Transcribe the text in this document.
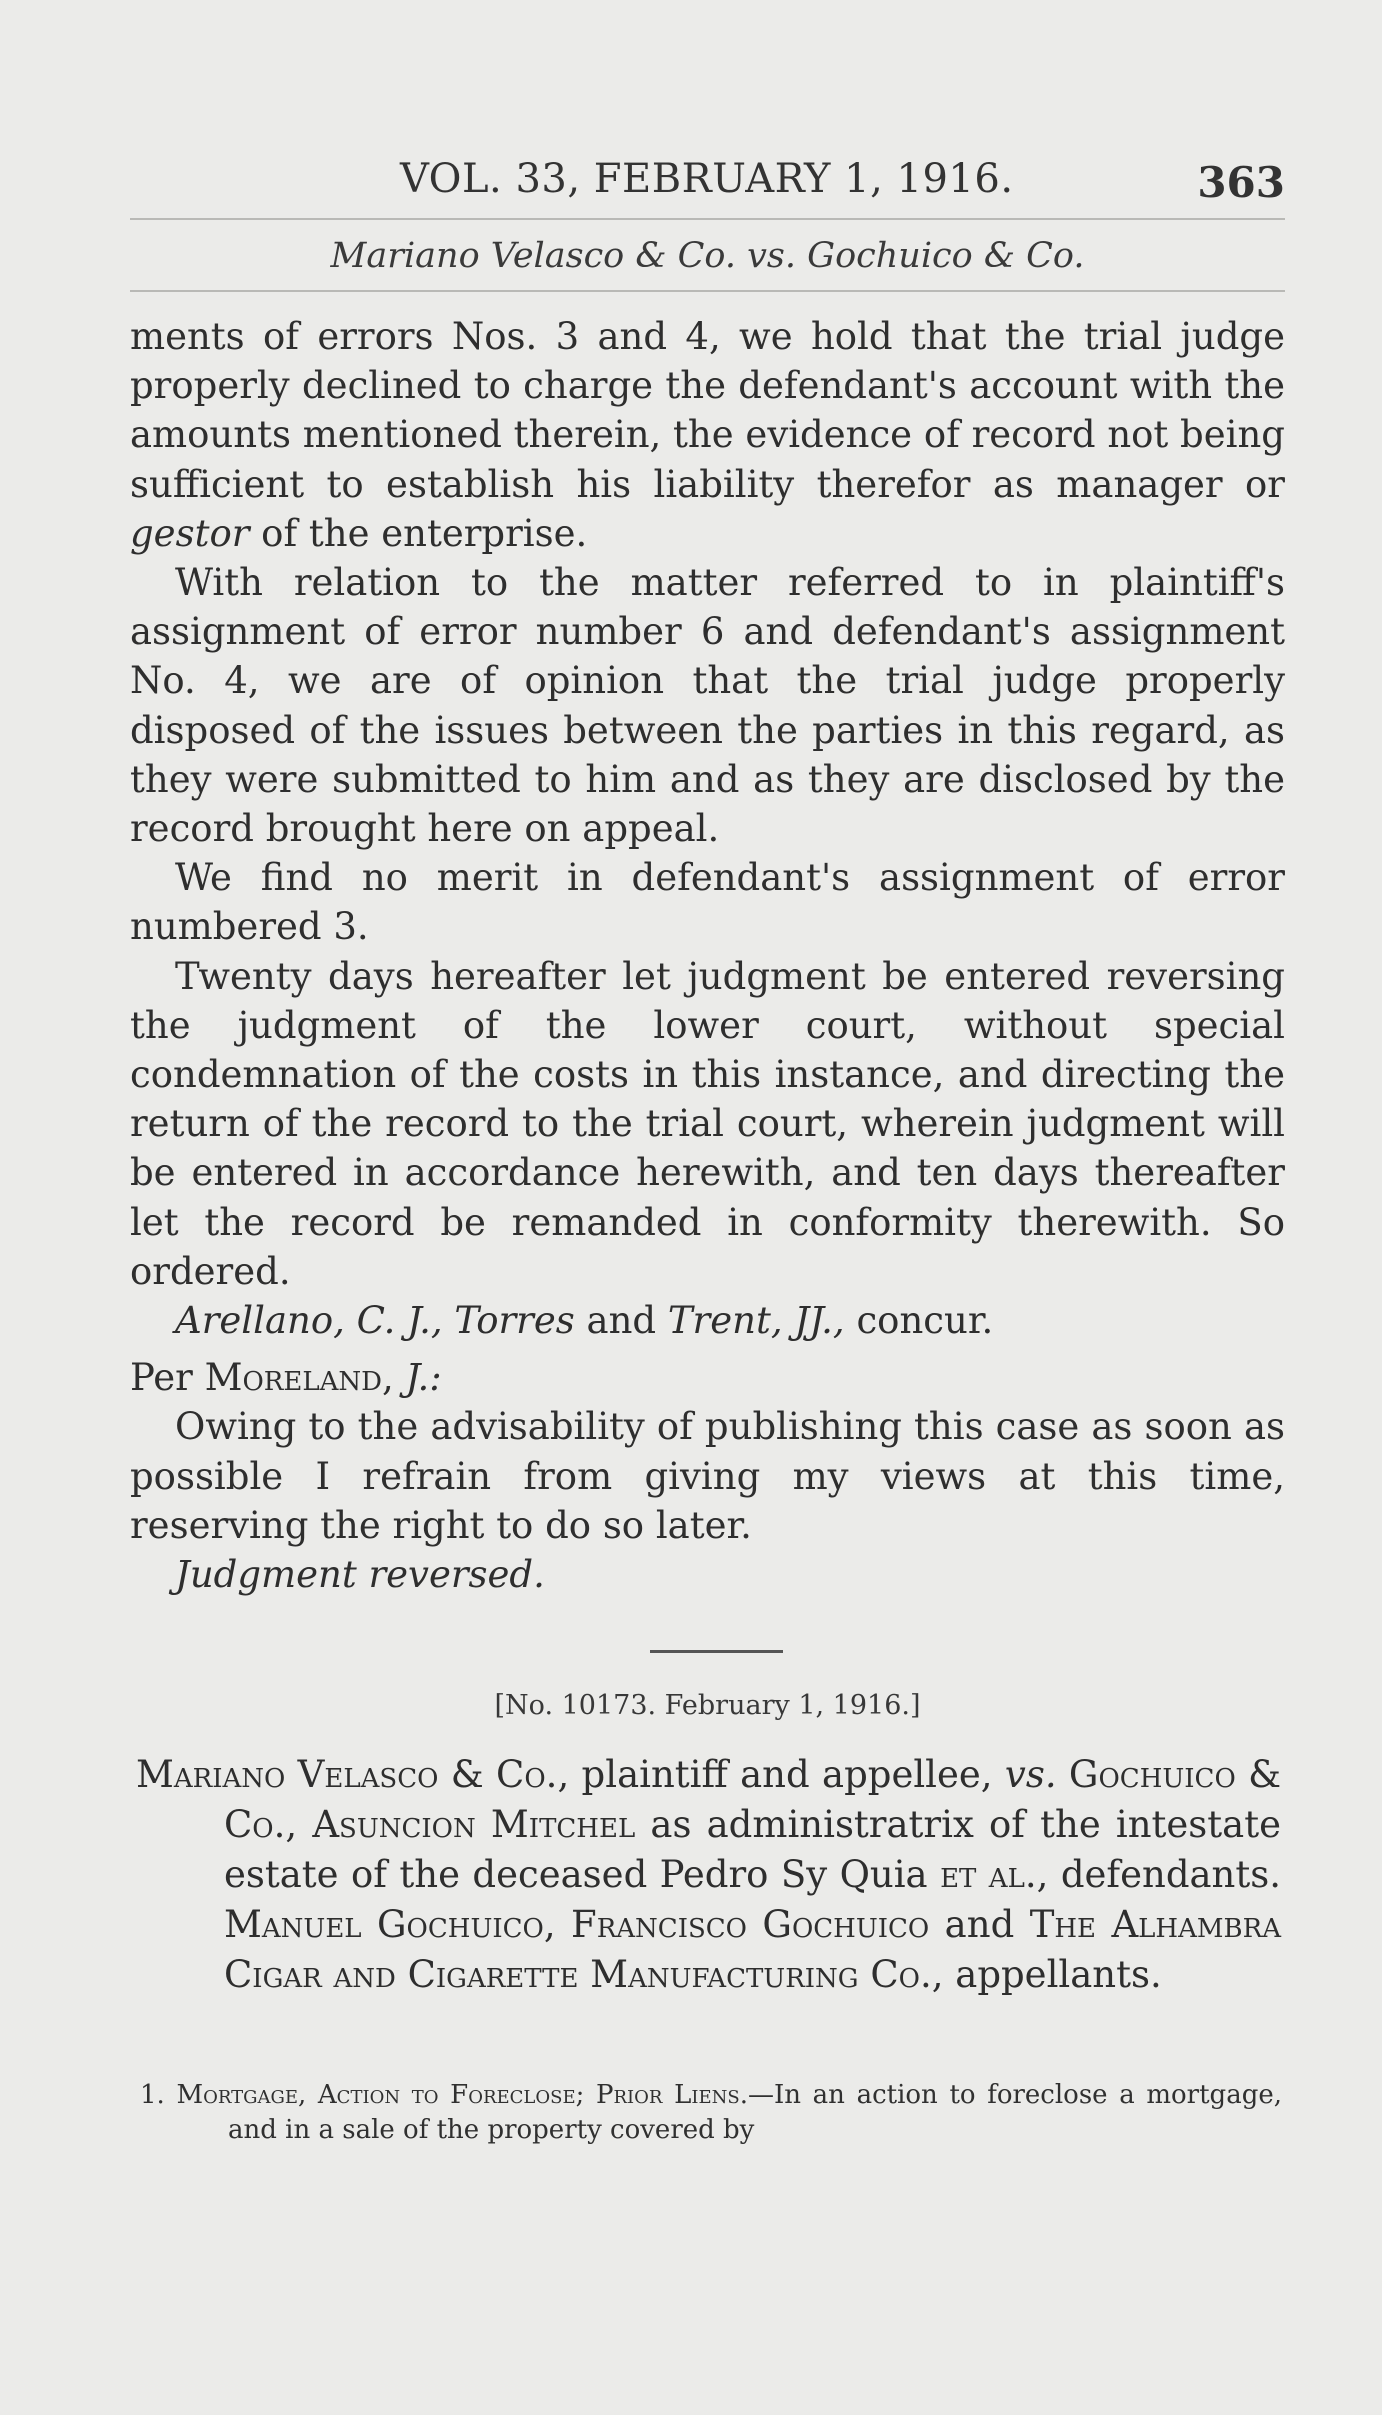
VOL. 33, FEBRUARY 1, 1916.	363
Mariano Velasco & Co. vs. Gochuico & Co.

ments of errors Nos. 3 and 4, we hold that the trial judge properly declined to charge the defendant's account with the amounts mentioned therein, the evidence of record not being sufficient to establish his liability therefor as manager or gestor of the enterprise.

With relation to the matter referred to in plaintiff's assignment of error number 6 and defendant's assignment No. 4, we are of opinion that the trial judge properly disposed of the issues between the parties in this regard, as they were submitted to him and as they are disclosed by the record brought here on appeal.

We find no merit in defendant's assignment of error numbered 3.

Twenty days hereafter let judgment be entered reversing the judgment of the lower court, without special condemnation of the costs in this instance, and directing the return of the record to the trial court, wherein judgment will be entered in accordance herewith, and ten days thereafter let the record be remanded in conformity therewith. So ordered.

Arellano, C. J., Torres and Trent, JJ., concur.

Per Moreland, J.:

Owing to the advisability of publishing this case as soon as possible I refrain from giving my views at this time, reserving the right to do so later.

Judgment reversed.

[No. 10173. February 1, 1916.]

Mariano Velasco & Co., plaintiff and appellee, vs. Gochuico & Co., Asuncion Mitchel as administratrix of the intestate estate of the deceased Pedro Sy Quia et al., defendants. Manuel Gochuico, Francisco Gochuico and The Alhambra Cigar and Cigarette Manufacturing Co., appellants.

1. Mortgage, Action to Foreclose; Prior Liens.—In an action to foreclose a mortgage, and in a sale of the property covered by
